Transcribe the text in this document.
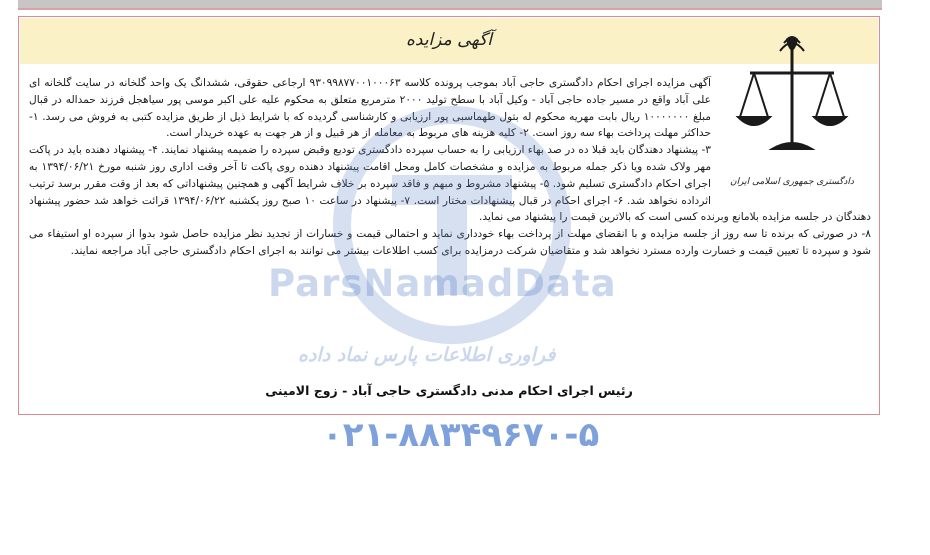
آگهی مزایده
دادگستری جمهوری اسلامی ایران

آگهی مزایده اجرای احکام دادگستری حاجی آباد بموجب پرونده کلاسه ۹۳۰۹۹۸۷۷۰۰۱۰۰۰۶۳ ارجاعی حقوقی، ششدانگ یک واحد گلخانه در سایت گلخانه ای علی آباد واقع در مسیر جاده حاجی آباد - وکیل آباد با سطح تولید ۲۰۰۰ مترمربع متعلق به محکوم علیه علی اکبر موسی پور سیاهجل فرزند حمداله در قبال مبلغ ۱۰۰۰۰۰۰۰ ریال بابت مهریه محکوم له بتول طهماسبی پور ارزیابی و کارشناسی گردیده که با شرایط ذیل از طریق مزایده کتبی به فروش می رسد. ۱- حداکثر مهلت پرداخت بهاء سه روز است. ۲- کلیه هزینه های مربوط به معامله از هر قبیل و از هر جهت به عهده خریدار است.

۳- پیشنهاد دهندگان باید قبلا ده در صد بهاء ارزیابی را به حساب سپرده دادگستری تودیع وقبض سپرده را ضمیمه پیشنهاد نمایند. ۴- پیشنهاد دهنده باید در پاکت مهر ولاک شده ویا ذکر جمله مربوط به مزایده و مشخصات کامل ومحل اقامت پیشنهاد دهنده روی پاکت تا آخر وقت اداری روز شنبه مورخ ۱۳۹۴/۰۶/۲۱ به اجرای احکام دادگستری تسلیم شود. ۵- پیشنهاد مشروط و مبهم و فاقد سپرده بر خلاف شرایط آگهی و همچنین پیشنهاداتی که بعد از وقت مقرر برسد ترتیب اثرداده نخواهد شد. ۶- اجرای احکام در قبال پیشنهادات مختار است. ۷- پیشنهاد در ساعت ۱۰ صبح روز یکشنبه ۱۳۹۴/۰۶/۲۲ قرائت خواهد شد حضور پیشنهاد دهندگان در جلسه مزایده بلامانع وبرنده کسی است که بالاترین قیمت را پیشنهاد می نماید.

۸- در صورتی که برنده تا سه روز از جلسه مزایده و با انقضای مهلت از پرداخت بهاء خودداری نماید و احتمالی قیمت و خسارات از تجدید نظر مزایده حاصل شود بدوا از سپرده او استیفاء می شود و سپرده تا تعیین قیمت و خسارت وارده مسترد نخواهد شد و متقاضیان شرکت درمزایده برای کسب اطلاعات بیشتر می توانند به اجرای احکام دادگستری حاجی آباد مراجعه نمایند.

رئیس اجرای احکام مدنی دادگستری حاجی آباد - زوج الامینی
ParsNamadData
فراوری اطلاعات پارس نماد داده
۰۲۱-۸۸۳۴۹۶۷۰-۵
